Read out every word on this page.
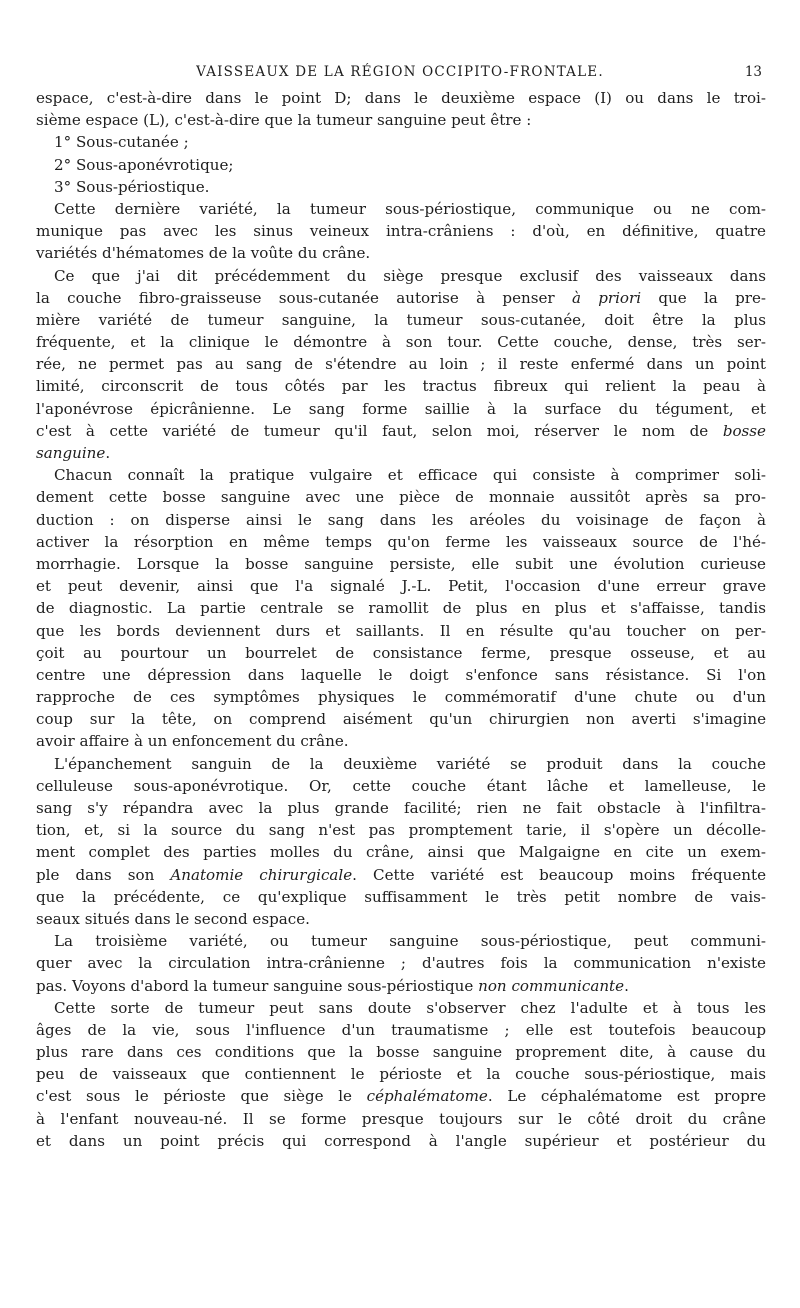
VAISSEAUX DE LA RÉGION OCCIPITO-FRONTALE.	13
espace, c'est-à-dire dans le point D; dans le deuxième espace (I) ou dans le troi-
sième espace (L), c'est-à-dire que la tumeur sanguine peut être :
1° Sous-cutanée ;
2° Sous-aponévrotique;
3° Sous-périostique.
Cette dernière variété, la tumeur sous-périostique, communique ou ne com-
munique pas avec les sinus veineux intra-crâniens : d'où, en définitive, quatre
variétés d'hématomes de la voûte du crâne.
Ce que j'ai dit précédemment du siège presque exclusif des vaisseaux dans
la couche fibro-graisseuse sous-cutanée autorise à penser à priori que la pre-
mière variété de tumeur sanguine, la tumeur sous-cutanée, doit être la plus
fréquente, et la clinique le démontre à son tour. Cette couche, dense, très ser-
rée, ne permet pas au sang de s'étendre au loin ; il reste enfermé dans un point
limité, circonscrit de tous côtés par les tractus fibreux qui relient la peau à
l'aponévrose épicrânienne. Le sang forme saillie à la surface du tégument, et
c'est à cette variété de tumeur qu'il faut, selon moi, réserver le nom de bosse
sanguine.
Chacun connaît la pratique vulgaire et efficace qui consiste à comprimer soli-
dement cette bosse sanguine avec une pièce de monnaie aussitôt après sa pro-
duction : on disperse ainsi le sang dans les aréoles du voisinage de façon à
activer la résorption en même temps qu'on ferme les vaisseaux source de l'hé-
morrhagie. Lorsque la bosse sanguine persiste, elle subit une évolution curieuse
et peut devenir, ainsi que l'a signalé J.-L. Petit, l'occasion d'une erreur grave
de diagnostic. La partie centrale se ramollit de plus en plus et s'affaisse, tandis
que les bords deviennent durs et saillants. Il en résulte qu'au toucher on per-
çoit au pourtour un bourrelet de consistance ferme, presque osseuse, et au
centre une dépression dans laquelle le doigt s'enfonce sans résistance. Si l'on
rapproche de ces symptômes physiques le commémoratif d'une chute ou d'un
coup sur la tête, on comprend aisément qu'un chirurgien non averti s'imagine
avoir affaire à un enfoncement du crâne.
L'épanchement sanguin de la deuxième variété se produit dans la couche
celluleuse sous-aponévrotique. Or, cette couche étant lâche et lamelleuse, le
sang s'y répandra avec la plus grande facilité; rien ne fait obstacle à l'infiltra-
tion, et, si la source du sang n'est pas promptement tarie, il s'opère un décolle-
ment complet des parties molles du crâne, ainsi que Malgaigne en cite un exem-
ple dans son Anatomie chirurgicale. Cette variété est beaucoup moins fréquente
que la précédente, ce qu'explique suffisamment le très petit nombre de vais-
seaux situés dans le second espace.
La troisième variété, ou tumeur sanguine sous-périostique, peut communi-
quer avec la circulation intra-crânienne ; d'autres fois la communication n'existe
pas. Voyons d'abord la tumeur sanguine sous-périostique non communicante.
Cette sorte de tumeur peut sans doute s'observer chez l'adulte et à tous les
âges de la vie, sous l'influence d'un traumatisme ; elle est toutefois beaucoup
plus rare dans ces conditions que la bosse sanguine proprement dite, à cause du
peu de vaisseaux que contiennent le périoste et la couche sous-périostique, mais
c'est sous le périoste que siège le céphalématome. Le céphalématome est propre
à l'enfant nouveau-né. Il se forme presque toujours sur le côté droit du crâne
et dans un point précis qui correspond à l'angle supérieur et postérieur du
